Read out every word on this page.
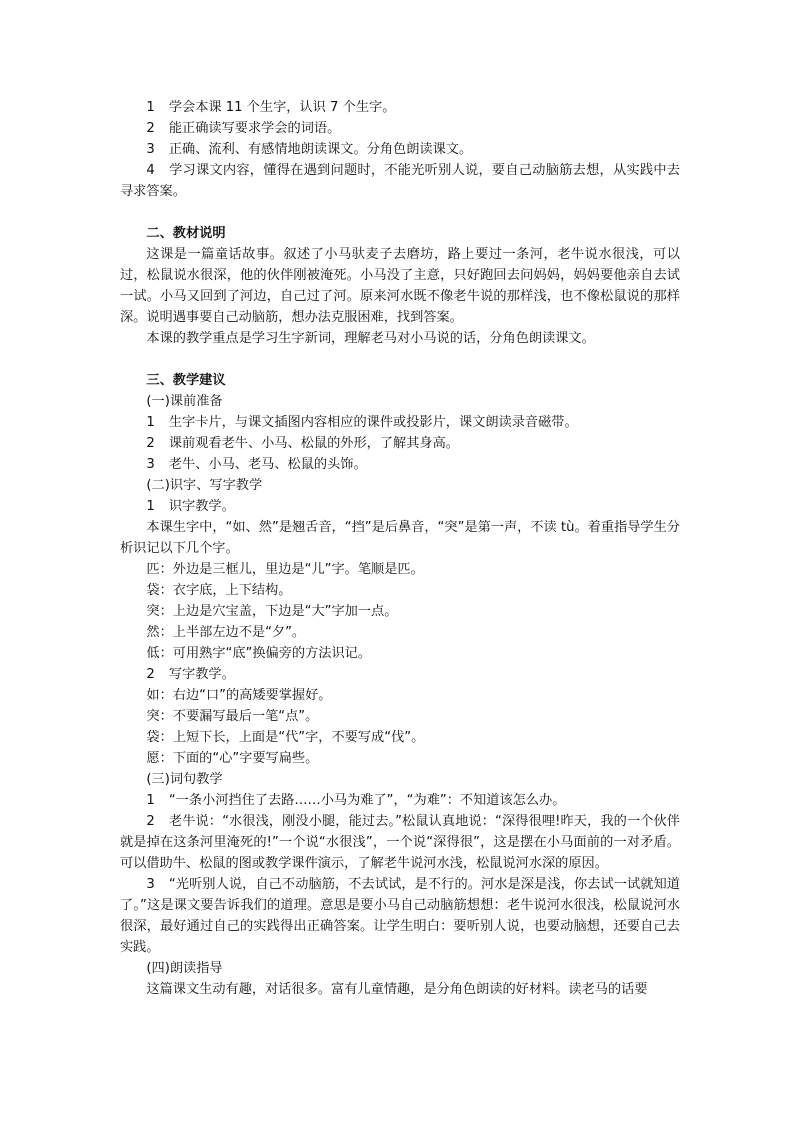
1 学会本课 11 个生字，认识 7 个生字。

2 能正确读写要求学会的词语。

3 正确、流利、有感情地朗读课文。分角色朗读课文。

4 学习课文内容，懂得在遇到问题时，不能光听别人说，要自己动脑筋去想，从实践中去寻求答案。

二、教材说明

这课是一篇童话故事。叙述了小马驮麦子去磨坊，路上要过一条河，老牛说水很浅，可以过，松鼠说水很深，他的伙伴刚被淹死。小马没了主意，只好跑回去问妈妈，妈妈要他亲自去试一试。小马又回到了河边，自己过了河。原来河水既不像老牛说的那样浅，也不像松鼠说的那样深。说明遇事要自己动脑筋，想办法克服困难，找到答案。

本课的教学重点是学习生字新词，理解老马对小马说的话，分角色朗读课文。

三、教学建议

(一)课前准备

1 生字卡片，与课文插图内容相应的课件或投影片，课文朗读录音磁带。

2 课前观看老牛、小马、松鼠的外形，了解其身高。

3 老牛、小马、老马、松鼠的头饰。

(二)识字、写字教学

1 识字教学。

本课生字中，“如、然”是翘舌音，“挡”是后鼻音，“突”是第一声，不读 tù。着重指导学生分析识记以下几个字。

匹：外边是三框儿，里边是“儿”字。笔顺是匹。

袋：衣字底，上下结构。

突：上边是穴宝盖，下边是“大”字加一点。

然：上半部左边不是“夕”。

低：可用熟字“底”换偏旁的方法识记。

2 写字教学。

如：右边“口”的高矮要掌握好。

突：不要漏写最后一笔“点”。

袋：上短下长，上面是“代”字，不要写成“伐”。

愿：下面的“心”字要写扁些。

(三)词句教学

1 “一条小河挡住了去路……小马为难了”，“为难”：不知道该怎么办。

2 老牛说：“水很浅，刚没小腿，能过去。”松鼠认真地说：“深得很哩!昨天，我的一个伙伴就是掉在这条河里淹死的!”一个说“水很浅”，一个说“深得很”，这是摆在小马面前的一对矛盾。可以借助牛、松鼠的图或教学课件演示，了解老牛说河水浅，松鼠说河水深的原因。

3 “光听别人说，自己不动脑筋，不去试试，是不行的。河水是深是浅，你去试一试就知道了。”这是课文要告诉我们的道理。意思是要小马自己动脑筋想想：老牛说河水很浅，松鼠说河水很深，最好通过自己的实践得出正确答案。让学生明白：要听别人说，也要动脑想，还要自己去实践。

(四)朗读指导

这篇课文生动有趣，对话很多。富有儿童情趣，是分角色朗读的好材料。读老马的话要
